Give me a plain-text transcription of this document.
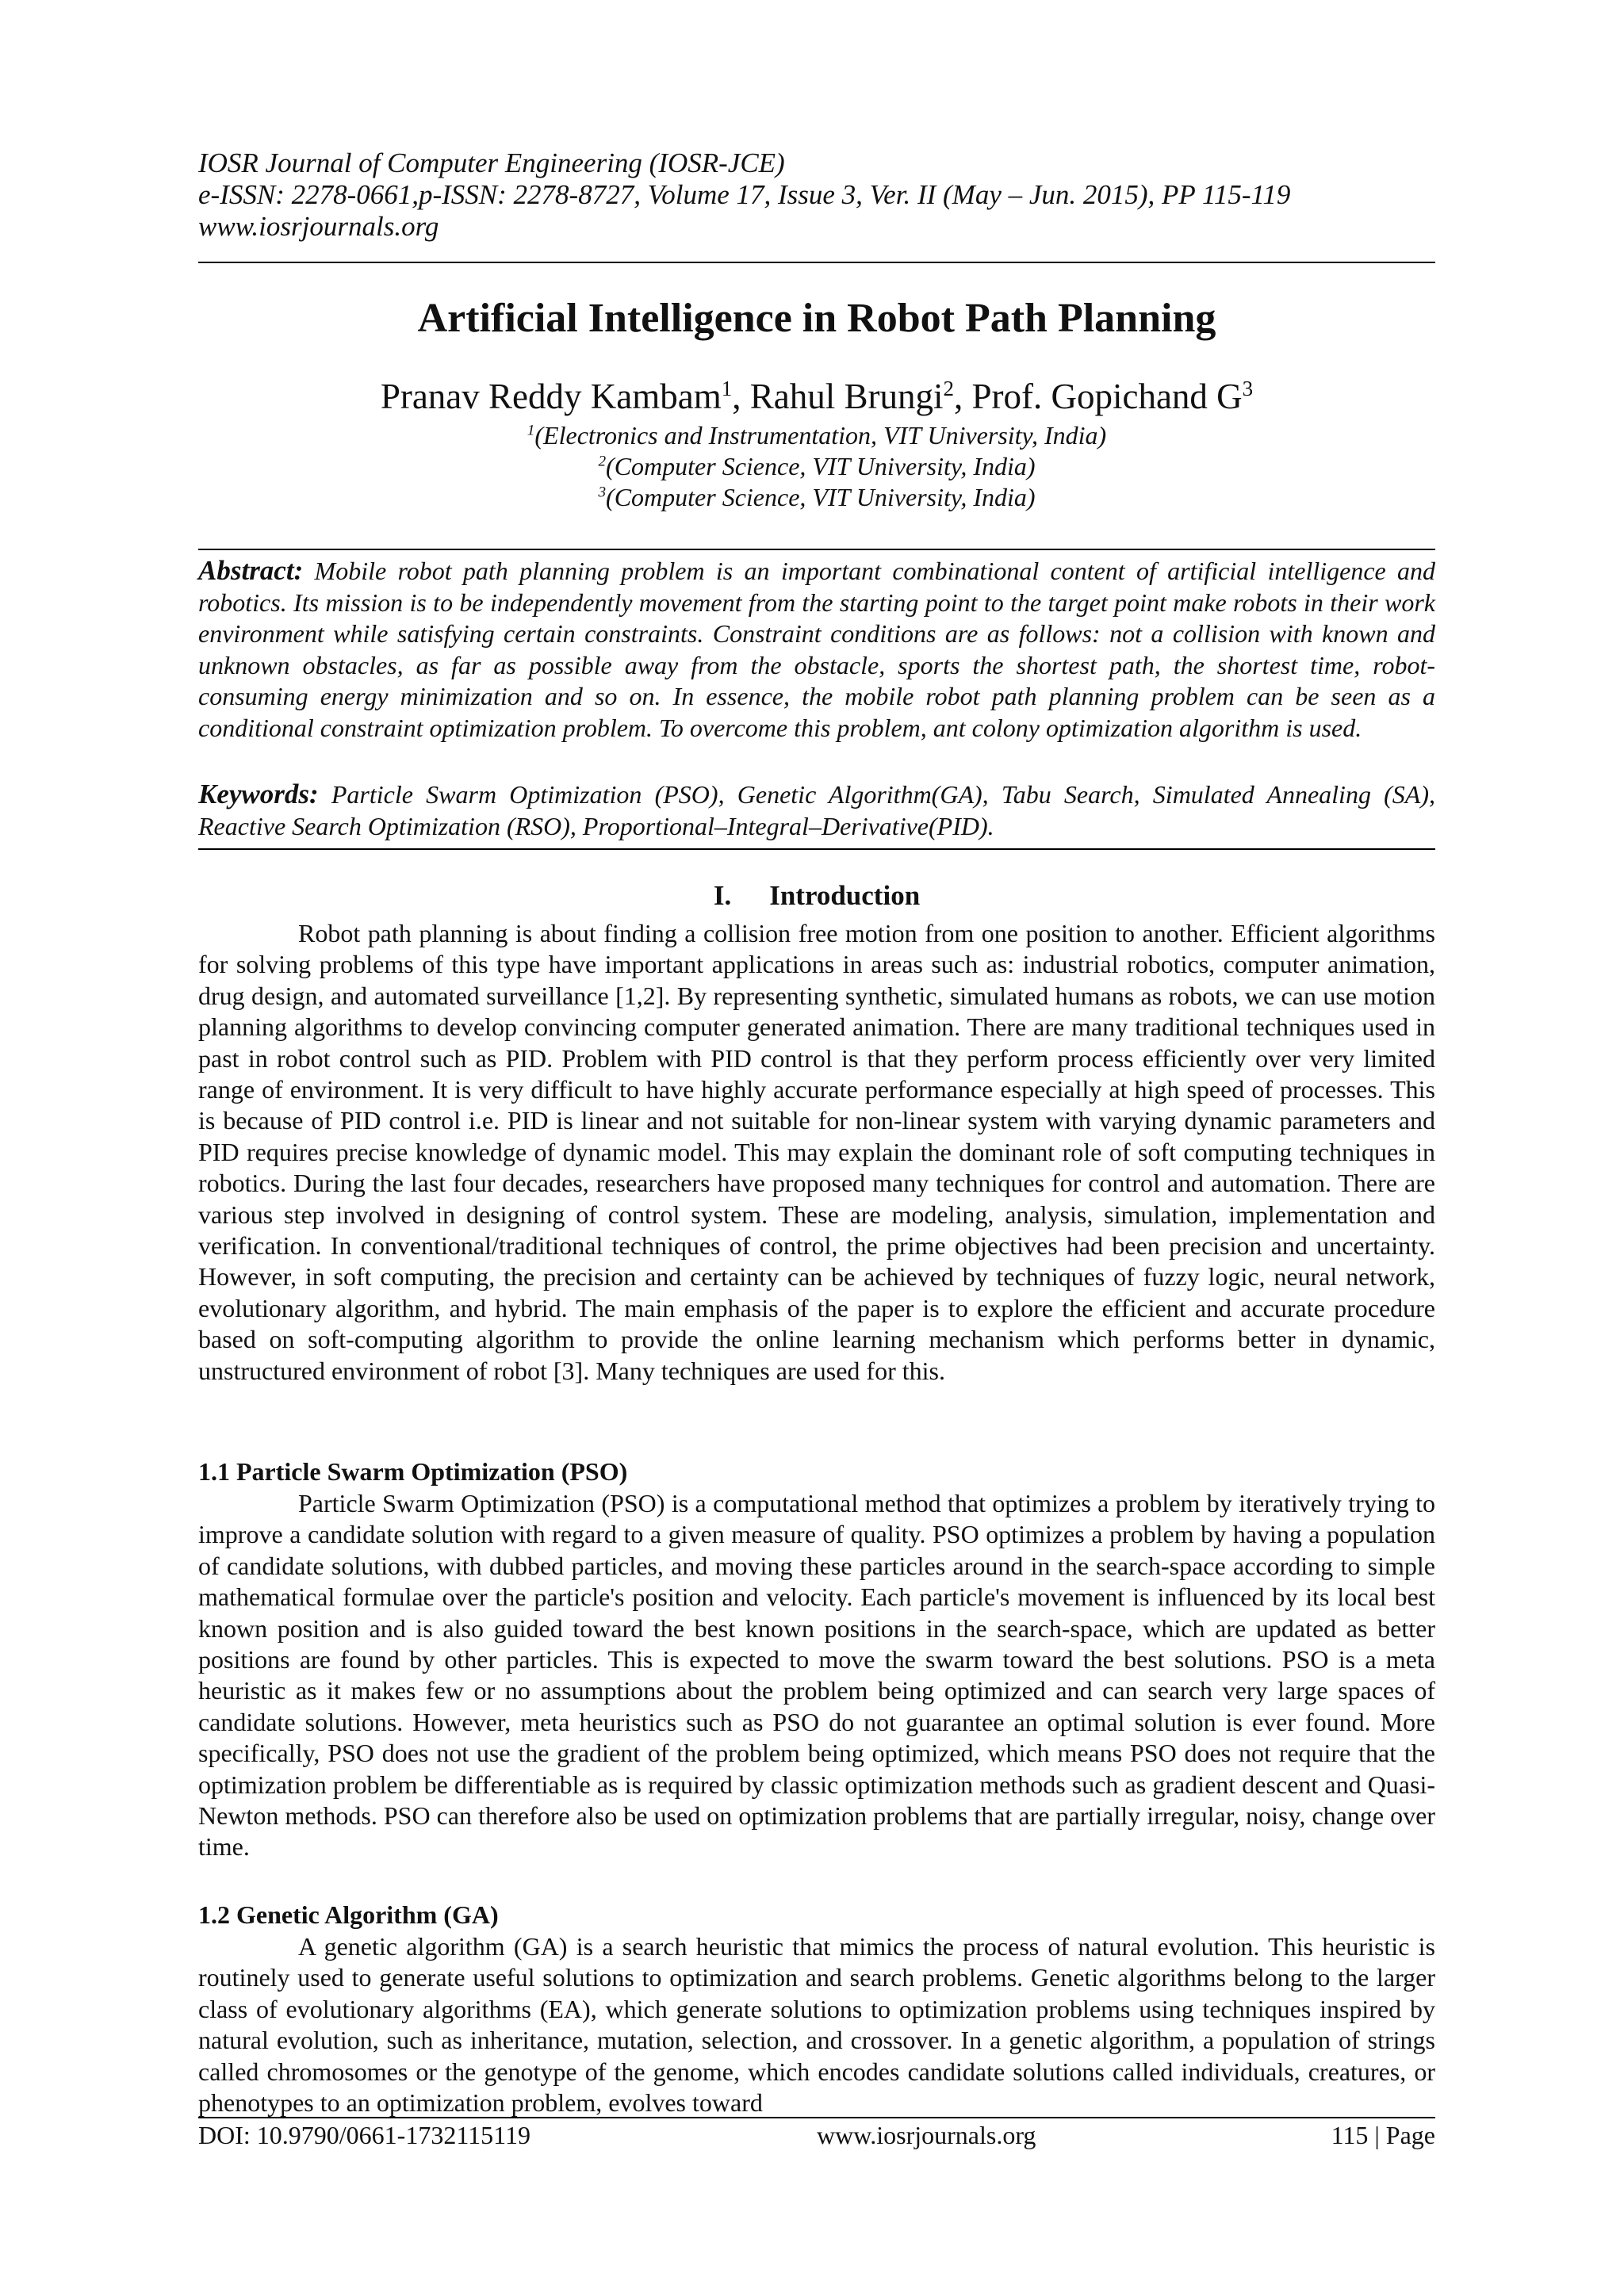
IOSR Journal of Computer Engineering (IOSR-JCE)
e-ISSN: 2278-0661,p-ISSN: 2278-8727, Volume 17, Issue 3, Ver. II (May – Jun. 2015), PP 115-119
www.iosrjournals.org
Artificial Intelligence in Robot Path Planning
Pranav Reddy Kambam$^1$, Rahul Brungi$^2$, Prof. Gopichand $G^3$
$^1$(Electronics and Instrumentation, VIT University, India)
$^2$(Computer Science, VIT University, India)
$^3$(Computer Science, VIT University, India)
Abstract: Mobile robot path planning problem is an important combinational content of artificial intelligence and robotics. Its mission is to be independently movement from the starting point to the target point make robots in their work environment while satisfying certain constraints. Constraint conditions are as follows: not a collision with known and unknown obstacles, as far as possible away from the obstacle, sports the shortest path, the shortest time, robot-consuming energy minimization and so on. In essence, the mobile robot path planning problem can be seen as a conditional constraint optimization problem. To overcome this problem, ant colony optimization algorithm is used.
Keywords: Particle Swarm Optimization (PSO), Genetic Algorithm(GA), Tabu Search, Simulated Annealing (SA), Reactive Search Optimization (RSO), Proportional–Integral–Derivative(PID).
I. Introduction

Robot path planning is about finding a collision free motion from one position to another. Efficient algorithms for solving problems of this type have important applications in areas such as: industrial robotics, computer animation, drug design, and automated surveillance [1,2]. By representing synthetic, simulated humans as robots, we can use motion planning algorithms to develop convincing computer generated animation. There are many traditional techniques used in past in robot control such as PID. Problem with PID control is that they perform process efficiently over very limited range of environment. It is very difficult to have highly accurate performance especially at high speed of processes. This is because of PID control i.e. PID is linear and not suitable for non-linear system with varying dynamic parameters and PID requires precise knowledge of dynamic model. This may explain the dominant role of soft computing techniques in robotics. During the last four decades, researchers have proposed many techniques for control and automation. There are various step involved in designing of control system. These are modeling, analysis, simulation, implementation and verification. In conventional/traditional techniques of control, the prime objectives had been precision and uncertainty. However, in soft computing, the precision and certainty can be achieved by techniques of fuzzy logic, neural network, evolutionary algorithm, and hybrid. The main emphasis of the paper is to explore the efficient and accurate procedure based on soft-computing algorithm to provide the online learning mechanism which performs better in dynamic, unstructured environment of robot [3]. Many techniques are used for this.

1.1 Particle Swarm Optimization (PSO)

Particle Swarm Optimization (PSO) is a computational method that optimizes a problem by iteratively trying to improve a candidate solution with regard to a given measure of quality. PSO optimizes a problem by having a population of candidate solutions, with dubbed particles, and moving these particles around in the search-space according to simple mathematical formulae over the particle's position and velocity. Each particle's movement is influenced by its local best known position and is also guided toward the best known positions in the search-space, which are updated as better positions are found by other particles. This is expected to move the swarm toward the best solutions. PSO is a meta heuristic as it makes few or no assumptions about the problem being optimized and can search very large spaces of candidate solutions. However, meta heuristics such as PSO do not guarantee an optimal solution is ever found. More specifically, PSO does not use the gradient of the problem being optimized, which means PSO does not require that the optimization problem be differentiable as is required by classic optimization methods such as gradient descent and Quasi-Newton methods. PSO can therefore also be used on optimization problems that are partially irregular, noisy, change over time.

1.2 Genetic Algorithm (GA)

A genetic algorithm (GA) is a search heuristic that mimics the process of natural evolution. This heuristic is routinely used to generate useful solutions to optimization and search problems. Genetic algorithms belong to the larger class of evolutionary algorithms (EA), which generate solutions to optimization problems using techniques inspired by natural evolution, such as inheritance, mutation, selection, and crossover. In a genetic algorithm, a population of strings called chromosomes or the genotype of the genome, which encodes candidate solutions called individuals, creatures, or phenotypes to an optimization problem, evolves toward

DOI: 10.9790/0661-1732115119	www.iosrjournals.org	115 | Page
